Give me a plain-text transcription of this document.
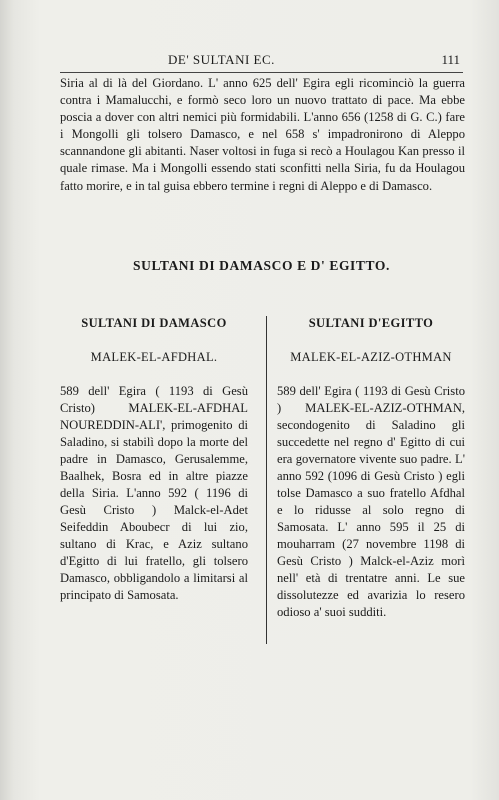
DE' SULTANI EC.	111

Siria al di là del Giordano. L' anno 625 dell' Egira egli ricominciò la guerra contra i Mamalucchi, e formò seco loro un nuovo trattato di pace. Ma ebbe poscia a dover con altri nemici più formidabili. L'anno 656 (1258 di G. C.) fare i Mongolli gli tolsero Damasco, e nel 658 s' impadronirono di Aleppo scannandone gli abitanti. Naser voltosi in fuga si recò a Houlagou Kan presso il quale rimase. Ma i Mongolli essendo stati sconfitti nella Siria, fu da Houlagou fatto morire, e in tal guisa ebbero termine i regni di Aleppo e di Damasco.

SULTANI DI DAMASCO E D' EGITTO.
SULTANI DI DAMASCO
MALEK-EL-AFDHAL.

589 dell' Egira ( 1193 di Gesù Cristo) MALEK-EL-AFDHAL NOUREDDIN-ALI', primogenito di Saladino, si stabilì dopo la morte del padre in Damasco, Gerusalemme, Baalhek, Bosra ed in altre piazze della Siria. L'anno 592 ( 1196 di Gesù Cristo ) Malck-el-Adet Seifeddin Aboubecr di lui zio, sultano di Krac, e Aziz sultano d'Egitto di lui fratello, gli tolsero Damasco, obbligandolo a limitarsi al principato di Samosata.

SULTANI D'EGITTO
MALEK-EL-AZIZ-OTHMAN

589 dell' Egira ( 1193 di Gesù Cristo ) MALEK-EL-AZIZ-OTHMAN, secondogenito di Saladino gli succedette nel regno d' Egitto di cui era governatore vivente suo padre. L' anno 592 (1096 di Gesù Cristo ) egli tolse Damasco a suo fratello Afdhal e lo ridusse al solo regno di Samosata. L' anno 595 il 25 di mouharram (27 novembre 1198 di Gesù Cristo ) Malck-el-Aziz morì nell' età di trentatre anni. Le sue dissolutezze ed avarizia lo resero odioso a' suoi sudditi.
